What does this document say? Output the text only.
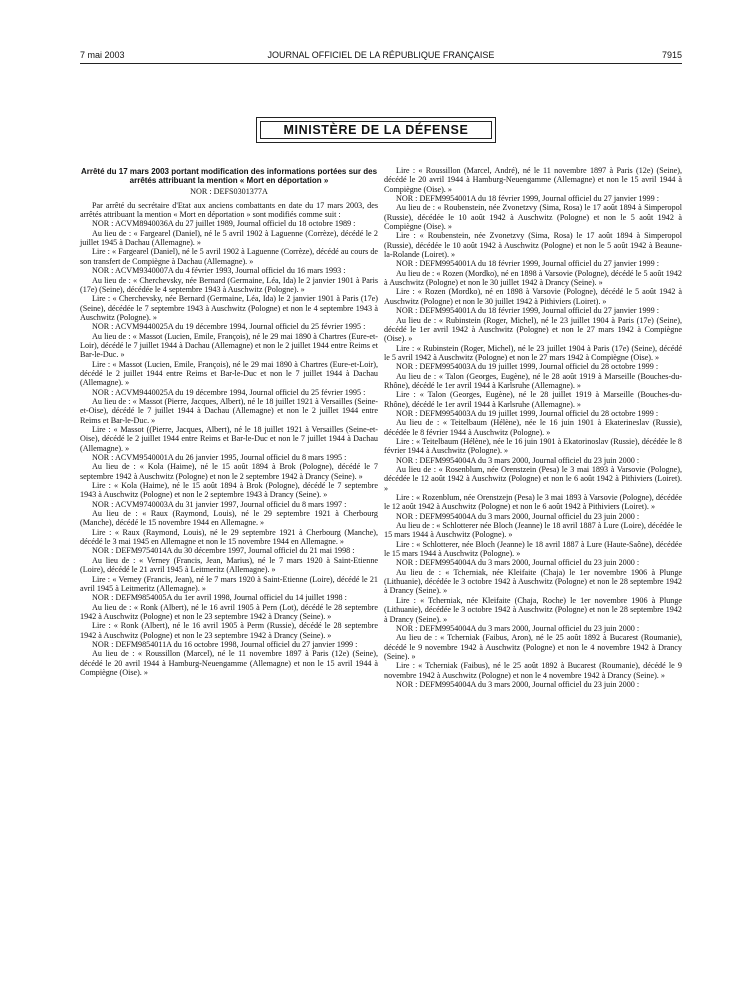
7 mai 2003	JOURNAL OFFICIEL DE LA RÉPUBLIQUE FRANÇAISE	7915
MINISTÈRE DE LA DÉFENSE

Arrêté du 17 mars 2003 portant modification des informations portées sur des arrêtés attribuant la mention « Mort en déportation »

NOR : DEFS0301377A

Par arrêté du secrétaire d'Etat aux anciens combattants en date du 17 mars 2003, des arrêtés attribuant la mention « Mort en déportation » sont modifiés comme suit :

NOR : ACVM8940036A du 27 juillet 1989, Journal officiel du 18 octobre 1989 :

Au lieu de : « Fargearel (Daniel), né le 5 avril 1902 à Laguenne (Corrèze), décédé le 2 juillet 1945 à Dachau (Allemagne). »

Lire : « Fargearel (Daniel), né le 5 avril 1902 à Laguenne (Corrèze), décédé au cours de son transfert de Compiègne à Dachau (Allemagne). »

NOR : ACVM9340007A du 4 février 1993, Journal officiel du 16 mars 1993 :

Au lieu de : « Cherchevsky, née Bernard (Germaine, Léa, Ida) le 2 janvier 1901 à Paris (17e) (Seine), décédée le 4 septembre 1943 à Auschwitz (Pologne). »

Lire : « Cherchevsky, née Bernard (Germaine, Léa, Ida) le 2 janvier 1901 à Paris (17e) (Seine), décédée le 7 septembre 1943 à Auschwitz (Pologne) et non le 4 septembre 1943 à Auschwitz (Pologne). »

NOR : ACVM9440025A du 19 décembre 1994, Journal officiel du 25 février 1995 :

Au lieu de : « Massot (Lucien, Emile, François), né le 29 mai 1890 à Chartres (Eure-et-Loir), décédé le 7 juillet 1944 à Dachau (Allemagne) et non le 2 juillet 1944 entre Reims et Bar-le-Duc. »

Lire : « Massot (Lucien, Emile, François), né le 29 mai 1890 à Chartres (Eure-et-Loir), décédé le 2 juillet 1944 entre Reims et Bar-le-Duc et non le 7 juillet 1944 à Dachau (Allemagne). »

NOR : ACVM9440025A du 19 décembre 1994, Journal officiel du 25 février 1995 :

Au lieu de : « Massot (Pierre, Jacques, Albert), né le 18 juillet 1921 à Versailles (Seine-et-Oise), décédé le 7 juillet 1944 à Dachau (Allemagne) et non le 2 juillet 1944 entre Reims et Bar-le-Duc. »

Lire : « Massot ((Pierre, Jacques, Albert), né le 18 juillet 1921 à Versailles (Seine-et-Oise), décédé le 2 juillet 1944 entre Reims et Bar-le-Duc et non le 7 juillet 1944 à Dachau (Allemagne). »

NOR : ACVM9540001A du 26 janvier 1995, Journal officiel du 8 mars 1995 :

Au lieu de : « Kola (Haime), né le 15 août 1894 à Brok (Pologne), décédé le 7 septembre 1942 à Auschwitz (Pologne) et non le 2 septembre 1942 à Drancy (Seine). »

Lire : « Kola (Haime), né le 15 août 1894 à Brok (Pologne), décédé le 7 septembre 1943 à Auschwitz (Pologne) et non le 2 septembre 1943 à Drancy (Seine). »

NOR : ACVM9740003A du 31 janvier 1997, Journal officiel du 8 mars 1997 :

Au lieu de : « Raux (Raymond, Louis), né le 29 septembre 1921 à Cherbourg (Manche), décédé le 15 novembre 1944 en Allemagne. »

Lire : « Raux (Raymond, Louis), né le 29 septembre 1921 à Cherbourg (Manche), décédé le 3 mai 1945 en Allemagne et non le 15 novembre 1944 en Allemagne. »

NOR : DEFM9754014A du 30 décembre 1997, Journal officiel du 21 mai 1998 :

Au lieu de : « Verney (Francis, Jean, Marius), né le 7 mars 1920 à Saint-Etienne (Loire), décédé le 21 avril 1945 à Leitmeritz (Allemagne). »

Lire : « Verney (Francis, Jean), né le 7 mars 1920 à Saint-Etienne (Loire), décédé le 21 avril 1945 à Leitmeritz (Allemagne). »

NOR : DEFM9854005A du 1er avril 1998, Journal officiel du 14 juillet 1998 :

Au lieu de : « Ronk (Albert), né le 16 avril 1905 à Pern (Lot), décédé le 28 septembre 1942 à Auschwitz (Pologne) et non le 23 septembre 1942 à Drancy (Seine). »

Lire : « Ronk (Albert), né le 16 avril 1905 à Perm (Russie), décédé le 28 septembre 1942 à Auschwitz (Pologne) et non le 23 septembre 1942 à Drancy (Seine). »

NOR : DEFM9854011A du 16 octobre 1998, Journal officiel du 27 janvier 1999 :

Au lieu de : « Roussillon (Marcel), né le 11 novembre 1897 à Paris (12e) (Seine), décédé le 20 avril 1944 à Hamburg-Neuengamme (Allemagne) et non le 15 avril 1944 à Compiègne (Oise). »

Lire : « Roussillon (Marcel, André), né le 11 novembre 1897 à Paris (12e) (Seine), décédé le 20 avril 1944 à Hamburg-Neuengamme (Allemagne) et non le 15 avril 1944 à Compiègne (Oise). »

NOR : DEFM9954001A du 18 février 1999, Journal officiel du 27 janvier 1999 :

Au lieu de : « Roubenstein, née Zvonetzvy (Sima, Rosa) le 17 août 1894 à Simperopol (Russie), décédée le 10 août 1942 à Auschwitz (Pologne) et non le 5 août 1942 à Compiègne (Oise). »

Lire : « Roubenstein, née Zvonetzvy (Sima, Rosa) le 17 août 1894 à Simperopol (Russie), décédée le 10 août 1942 à Auschwitz (Pologne) et non le 5 août 1942 à Beaune-la-Rolande (Loiret). »

NOR : DEFM9954001A du 18 février 1999, Journal officiel du 27 janvier 1999 :

Au lieu de : « Rozen (Mordko), né en 1898 à Varsovie (Pologne), décédé le 5 août 1942 à Auschwitz (Pologne) et non le 30 juillet 1942 à Drancy (Seine). »

Lire : « Rozen (Mordko), né en 1898 à Varsovie (Pologne), décédé le 5 août 1942 à Auschwitz (Pologne) et non le 30 juillet 1942 à Pithiviers (Loiret). »

NOR : DEFM9954001A du 18 février 1999, Journal officiel du 27 janvier 1999 :

Au lieu de : « Rubinstein (Roger, Michel), né le 23 juillet 1904 à Paris (17e) (Seine), décédé le 1er avril 1942 à Auschwitz (Pologne) et non le 27 mars 1942 à Compiègne (Oise). »

Lire : « Rubinstein (Roger, Michel), né le 23 juillet 1904 à Paris (17e) (Seine), décédé le 5 avril 1942 à Auschwitz (Pologne) et non le 27 mars 1942 à Compiègne (Oise). »

NOR : DEFM9954003A du 19 juillet 1999, Journal officiel du 28 octobre 1999 :

Au lieu de : « Talon (Georges, Eugène), né le 28 août 1919 à Marseille (Bouches-du-Rhône), décédé le 1er avril 1944 à Karlsruhe (Allemagne). »

Lire : « Talon (Georges, Eugène), né le 28 juillet 1919 à Marseille (Bouches-du-Rhône), décédé le 1er avril 1944 à Karlsruhe (Allemagne). »

NOR : DEFM9954003A du 19 juillet 1999, Journal officiel du 28 octobre 1999 :

Au lieu de : « Teitelbaum (Hélène), née le 16 juin 1901 à Ekaterineslav (Russie), décédée le 8 février 1944 à Auschwitz (Pologne). »

Lire : « Teitelbaum (Hélène), née le 16 juin 1901 à Ekatorinoslav (Russie), décédée le 8 février 1944 à Auschwitz (Pologne). »

NOR : DEFM9954004A du 3 mars 2000, Journal officiel du 23 juin 2000 :

Au lieu de : « Rosenblum, née Orenstzein (Pesa) le 3 mai 1893 à Varsovie (Pologne), décédée le 12 août 1942 à Auschwitz (Pologne) et non le 6 août 1942 à Pithiviers (Loiret). »

Lire : « Rozenblum, née Orenstzejn (Pesa) le 3 mai 1893 à Varsovie (Pologne), décédée le 12 août 1942 à Auschwitz (Pologne) et non le 6 août 1942 à Pithiviers (Loiret). »

NOR : DEFM9954004A du 3 mars 2000, Journal officiel du 23 juin 2000 :

Au lieu de : « Schlotterer née Bloch (Jeanne) le 18 avril 1887 à Lure (Loire), décédée le 15 mars 1944 à Auschwitz (Pologne). »

Lire : « Schlotterer, née Bloch (Jeanne) le 18 avril 1887 à Lure (Haute-Saône), décédée le 15 mars 1944 à Auschwitz (Pologne). »

NOR : DEFM9954004A du 3 mars 2000, Journal officiel du 23 juin 2000 :

Au lieu de : « Tcherniak, née Kleifaite (Chaja) le 1er novembre 1906 à Plunge (Lithuanie), décédée le 3 octobre 1942 à Auschwitz (Pologne) et non le 28 septembre 1942 à Drancy (Seine). »

Lire : « Tcherniak, née Kleifaite (Chaja, Roche) le 1er novembre 1906 à Plunge (Lithuanie), décédée le 3 octobre 1942 à Auschwitz (Pologne) et non le 28 septembre 1942 à Drancy (Seine). »

NOR : DEFM9954004A du 3 mars 2000, Journal officiel du 23 juin 2000 :

Au lieu de : « Tcherniak (Faibus, Aron), né le 25 août 1892 à Bucarest (Roumanie), décédé le 9 novembre 1942 à Auschwitz (Pologne) et non le 4 novembre 1942 à Drancy (Seine). »

Lire : « Tcherniak (Faibus), né le 25 août 1892 à Bucarest (Roumanie), décédé le 9 novembre 1942 à Auschwitz (Pologne) et non le 4 novembre 1942 à Drancy (Seine). »

NOR : DEFM9954004A du 3 mars 2000, Journal officiel du 23 juin 2000 :
